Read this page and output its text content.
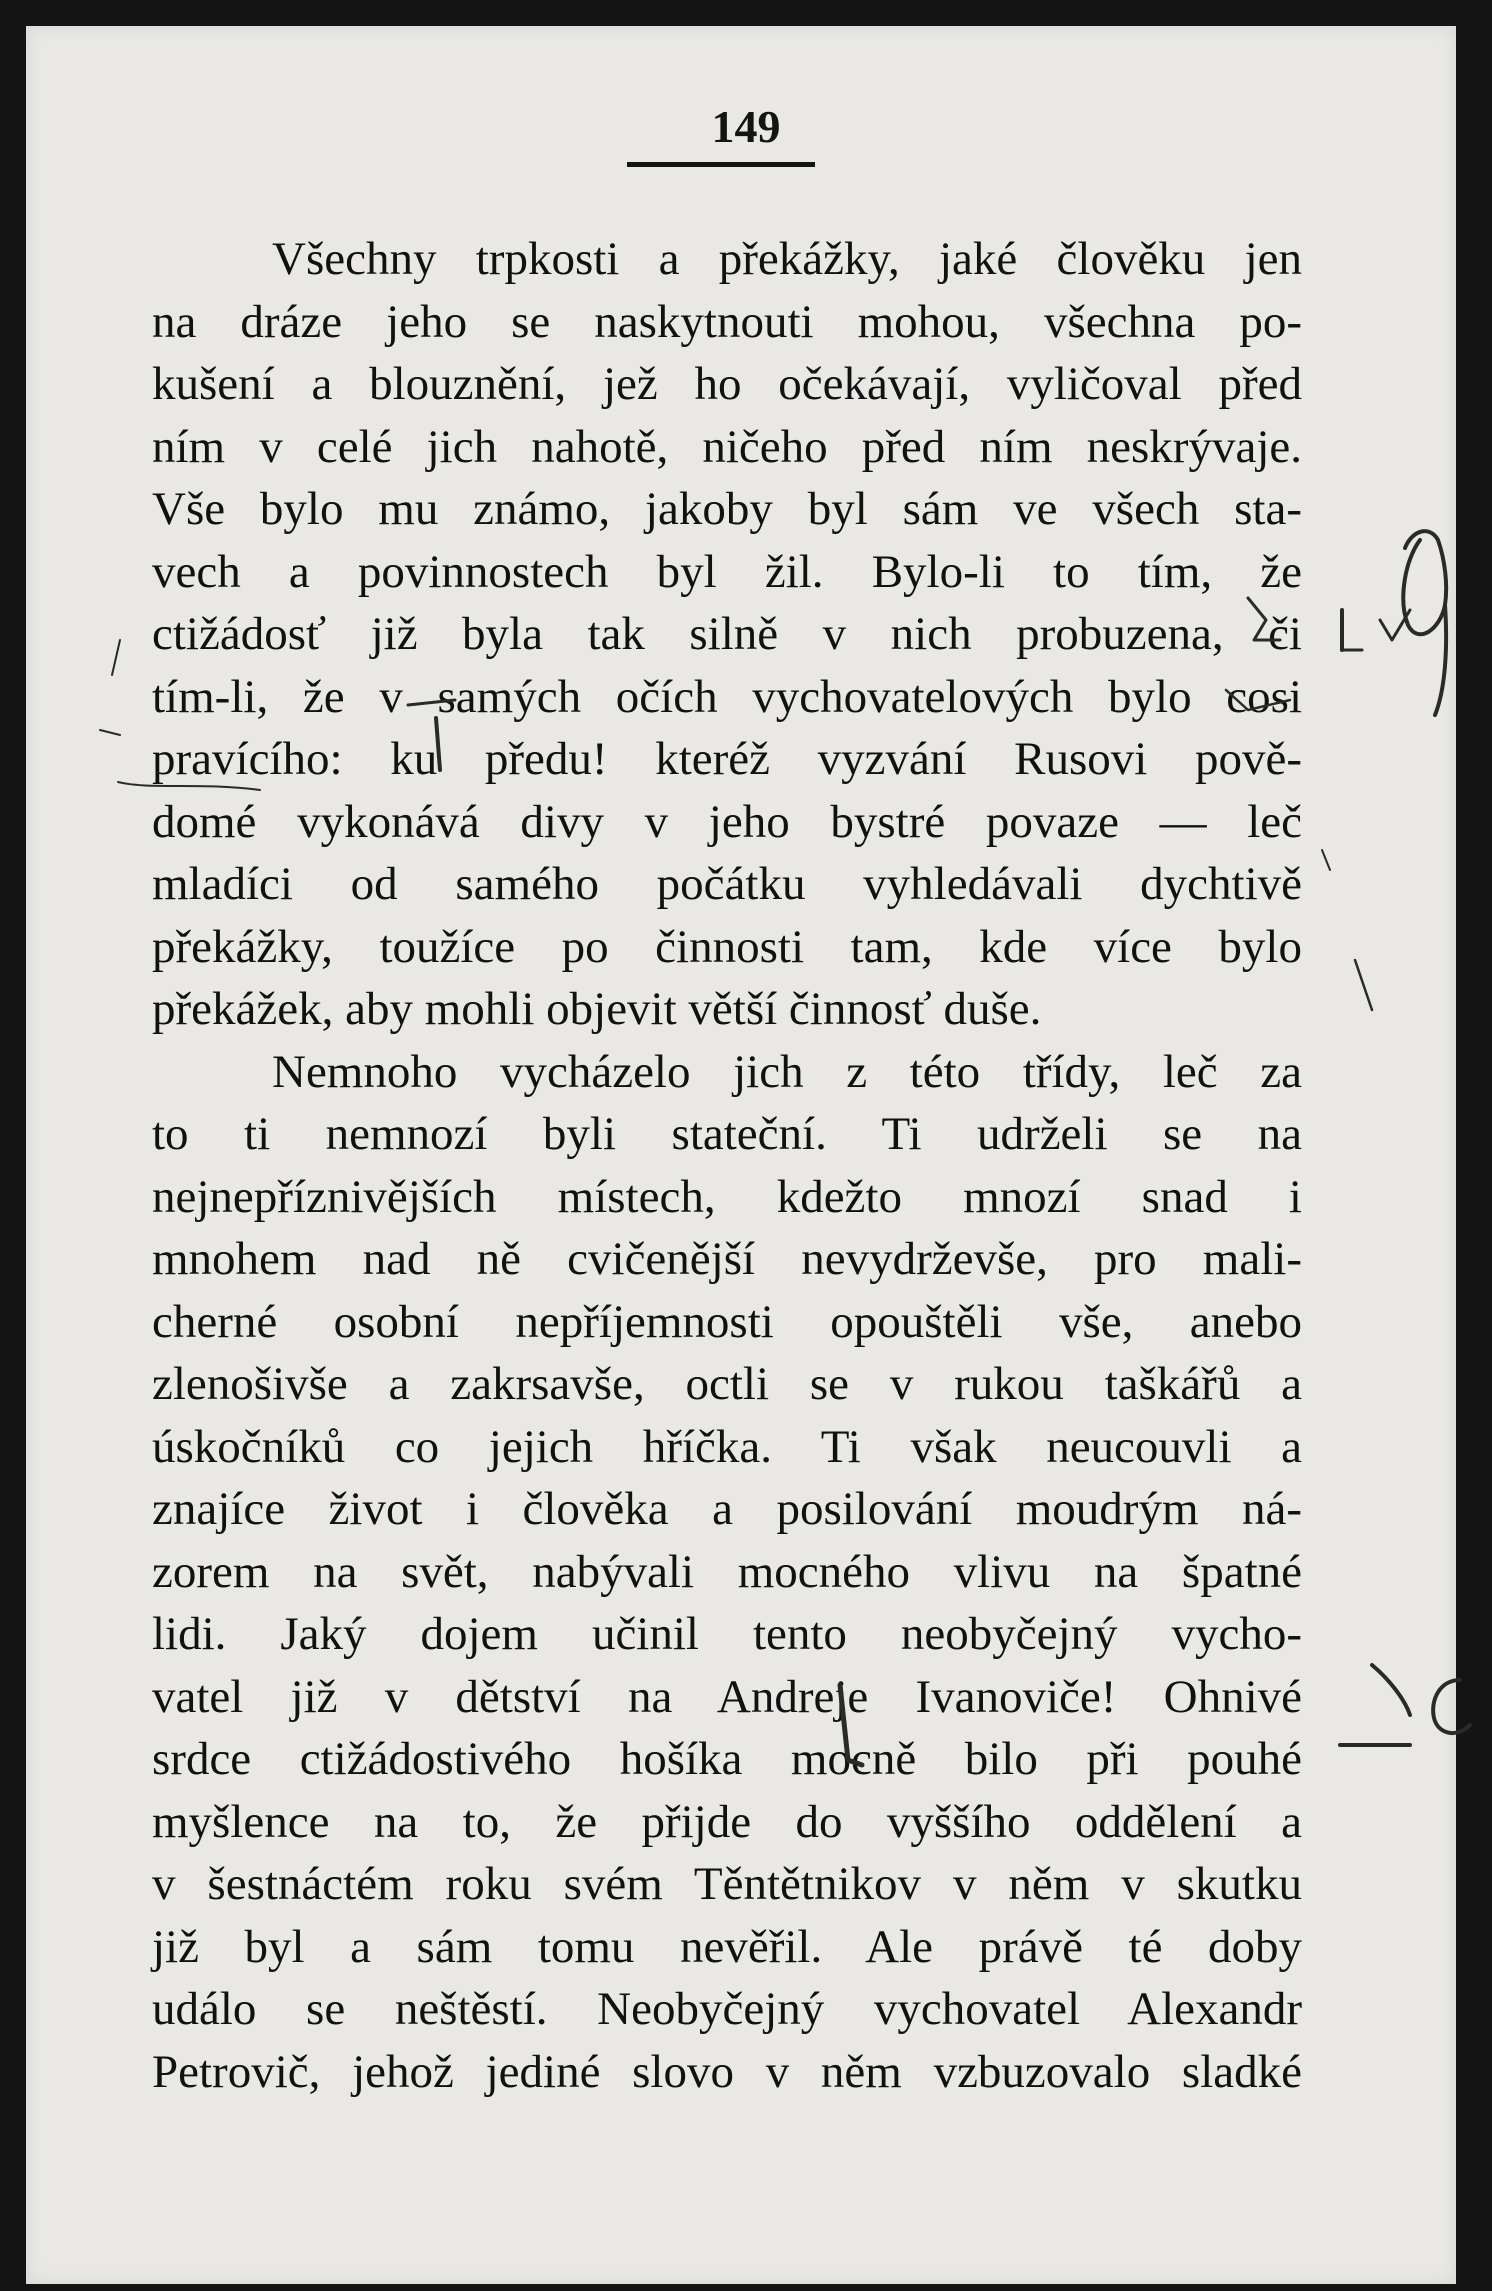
149
Všechny trpkosti a překážky, jaké člověku jen
na dráze jeho se naskytnouti mohou, všechna po-
kušení a blouznění, jež ho očekávají, vyličoval před
ním v celé jich nahotě, ničeho před ním neskrývaje.
Vše bylo mu známo, jakoby byl sám ve všech sta-
vech a povinnostech byl žil. Bylo-li to tím, že
ctižádosť již byla tak silně v nich probuzena, či
tím-li, že v samých očích vychovatelových bylo cosi
pravícího: ku předu! kteréž vyzvání Rusovi pově-
domé vykonává divy v jeho bystré povaze — leč
mladíci od samého počátku vyhledávali dychtivě
překážky, toužíce po činnosti tam, kde více bylo
překážek, aby mohli objevit větší činnosť duše.
Nemnoho vycházelo jich z této třídy, leč za
to ti nemnozí byli stateční. Ti udrželi se na
nejnepříznivějších místech, kdežto mnozí snad i
mnohem nad ně cvičenější nevydrževše, pro mali-
cherné osobní nepříjemnosti opouštěli vše, anebo
zlenošivše a zakrsavše, octli se v rukou taškářů a
úskočníků co jejich hříčka. Ti však neucouvli a
znajíce život i člověka a posilování moudrým ná-
zorem na svět, nabývali mocného vlivu na špatné
lidi. Jaký dojem učinil tento neobyčejný vycho-
vatel již v dětství na Andreje Ivanoviče! Ohnivé
srdce ctižádostivého hošíka mocně bilo při pouhé
myšlence na to, že přijde do vyššího oddělení a
v šestnáctém roku svém Těntětnikov v něm v skutku
již byl a sám tomu nevěřil. Ale právě té doby
událo se neštěstí. Neobyčejný vychovatel Alexandr
Petrovič, jehož jediné slovo v něm vzbuzovalo sladké
